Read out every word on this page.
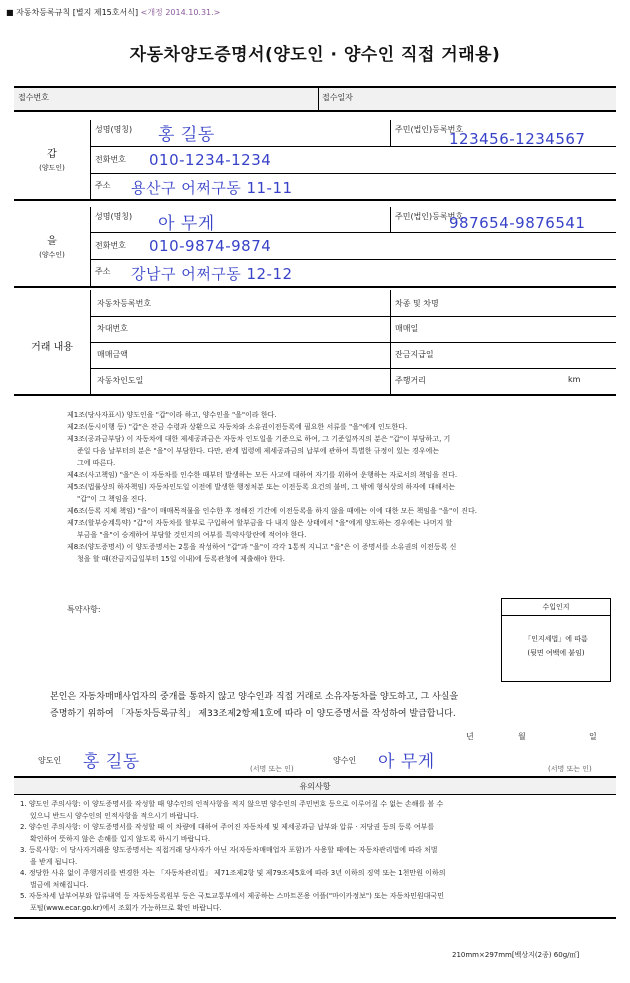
■ 자동차등록규칙 [별지 제15호서식] <개정 2014.10.31.>
자동차양도증명서(양도인 · 양수인 직접 거래용)
접수번호	접수일자
갑
(양도인)
성명(명칭) 홍 길동	주민(법인)등록번호
123456-1234567
전화번호 010-1234-1234
주소 용산구 어쩌구동 11-11
을
(양수인)
성명(명칭) 아 무게	주민(법인)등록번호
987654-9876541
전화번호 010-9874-9874
주소 강남구 어쩌구동 12-12
거래 내용
자동차등록번호	차종 및 차명
차대번호	매매일
매매금액	잔금지급일
자동차인도일	주행거리	km
제1조(당사자표시) 양도인을 "갑"이라 하고, 양수인을 "을"이라 한다.
제2조(동시이행 등) "갑"은 잔금 수령과 상환으로 자동차와 소유권이전등록에 필요한 서류를 "을"에게 인도한다.
제3조(공과금부담) 이 자동차에 대한 제세공과금은 자동차 인도일을 기준으로 하여, 그 기준일까지의 분은 "갑"이 부담하고, 기
준일 다음 날부터의 분은 "을"이 부담한다. 다만, 관계 법령에 제세공과금의 납부에 관하여 특별한 규정이 있는 경우에는
그에 따른다.
제4조(사고책임) "을"은 이 자동차를 인수한 때부터 발생하는 모든 사고에 대하여 자기를 위하여 운행하는 자로서의 책임을 진다.
제5조(법률상의 하자책임) 자동차인도일 이전에 발생한 행정처분 또는 이전등록 요건의 불비, 그 밖에 형식상의 하자에 대해서는
"갑"이 그 책임을 진다.
제6조(등록 지체 책임) "을"이 매매목적물을 인수한 후 정해진 기간에 이전등록을 하지 않을 때에는 이에 대한 모든 책임을 "을"이 진다.
제7조(할부승계특약) "갑"이 자동차를 할부로 구입하여 할부금을 다 내지 않은 상태에서 "을"에게 양도하는 경우에는 나머지 할
부금을 "을"이 승계하여 부담할 것인지의 여부를 특약사항란에 적어야 한다.
제8조(양도증명서) 이 양도증명서는 2통을 작성하여 "갑"과 "을"이 각각 1통씩 지니고 "을"은 이 증명서를 소유권의 이전등록 신
청을 할 때(잔금지급일부터 15일 이내)에 등록관청에 제출해야 한다.
특약사항:	수입인지
「인지세법」에 따름
(뒷면 여백에 붙임)
본인은 자동차매매사업자의 중개를 통하지 않고 양수인과 직접 거래로 소유자동차를 양도하고, 그 사실을
증명하기 위하여 「자동차등록규칙」 제33조제2항제1호에 따라 이 양도증명서를 작성하여 발급합니다.
년	월	일
양도인 홍 길동	(서명 또는 인)
양수인 아 무게	(서명 또는 인)
유의사항
1. 양도인 주의사항: 이 양도증명서를 작성할 때 양수인의 인적사항을 적지 않으면 양수인의 주민번호 등으로 이루어질 수 없는 손해를 볼 수
있으니 반드시 양수인의 인적사항을 적으시기 바랍니다.
2. 양수인 주의사항: 이 양도증명서를 작성할 때 이 차량에 대하여 주어진 자동차세 및 제세공과금 납부와 압류 · 저당권 등의 등록 여부를
확인하여 뜻하지 않은 손해를 입지 않도록 하시기 바랍니다.
3. 등록사항: 이 당사자거래용 양도증명서는 직접거래 당사자가 아닌 자(자동차매매업자 포함)가 사용할 때에는 자동차관리법에 따라 처벌
을 받게 됩니다.
4. 정당한 사유 없이 주행거리를 변경한 자는 「자동차관리법」 제71조제2항 및 제79조제5호에 따라 3년 이하의 징역 또는 1천만원 이하의
벌금에 처해집니다.
5. 자동차세 납부여부와 압류내역 등 자동차등록원부 등은 국토교통부에서 제공하는 스마트폰용 어플("마이카정보") 또는 자동차민원대국민
포털(www.ecar.go.kr)에서 조회가 가능하므로 확인 바랍니다.
210mm×297mm[백상지(2종) 60g/㎡]
